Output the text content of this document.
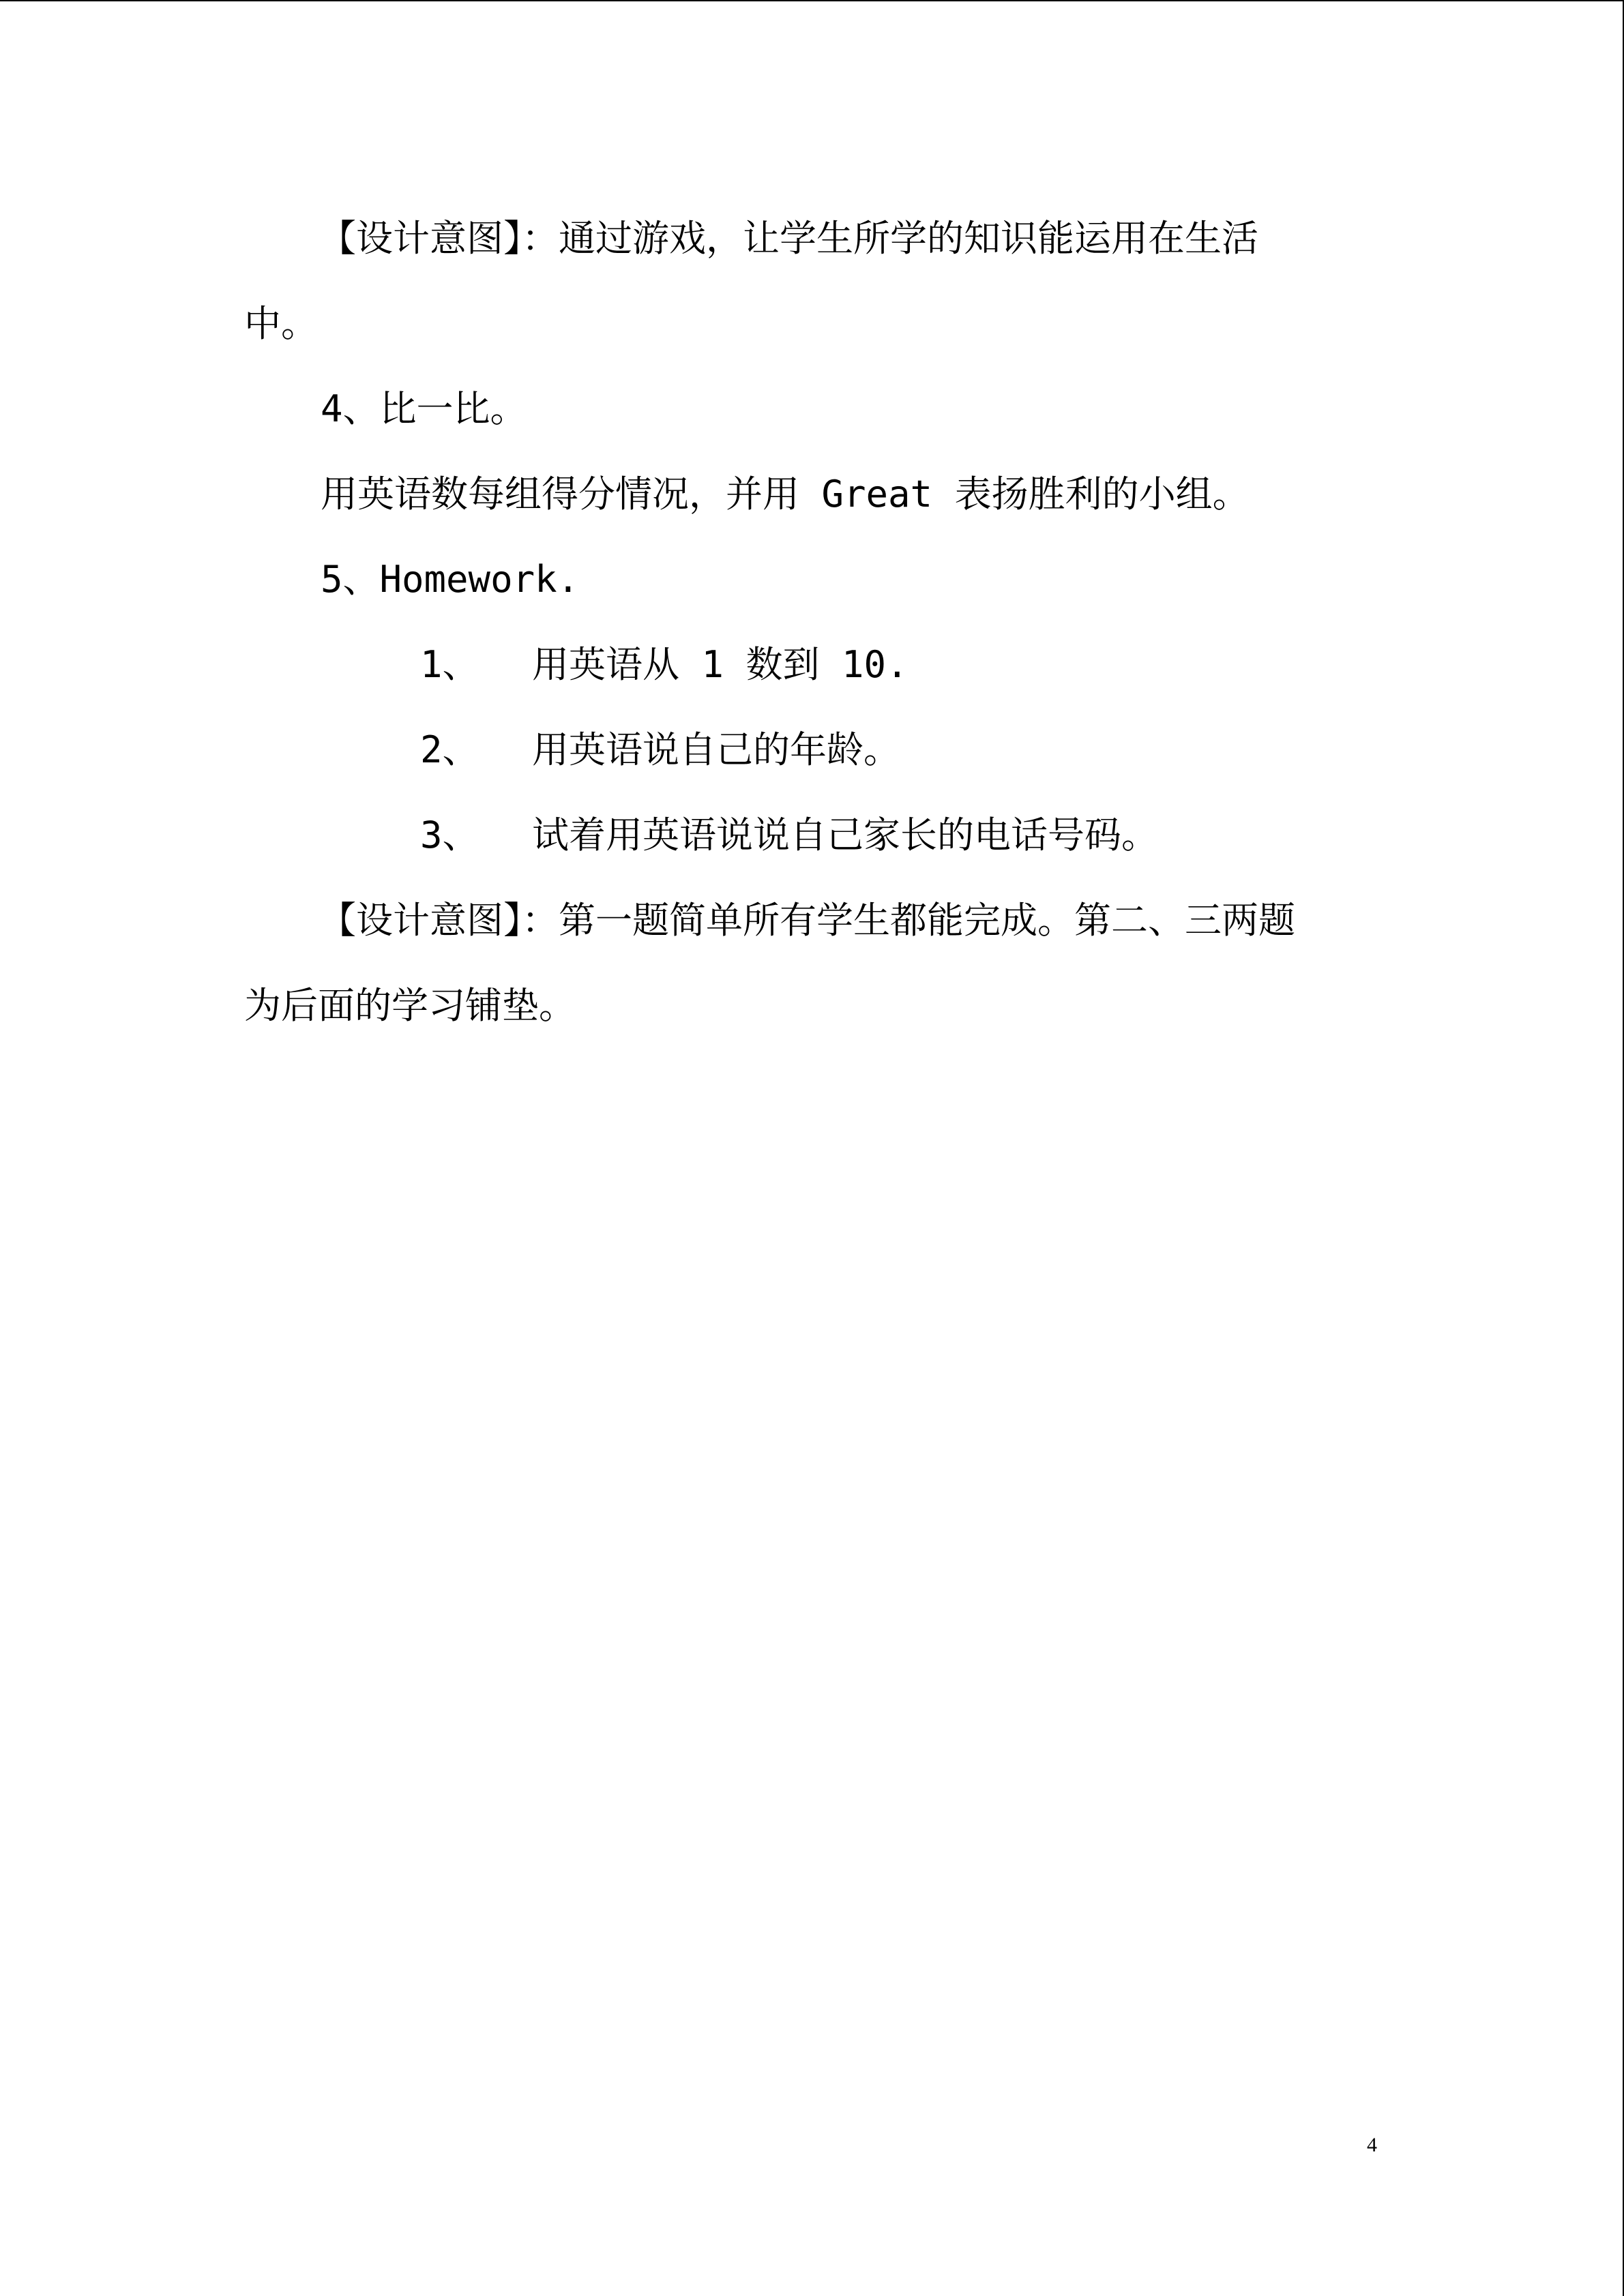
【设计意图】：通过游戏，让学生所学的知识能运用在生活
中。
4、比一比。
用英语数每组得分情况，并用 Great 表扬胜利的小组。
5、Homework.
1、 用英语从 1 数到 10.
2、 用英语说自己的年龄。
3、 试着用英语说说自己家长的电话号码。
【设计意图】：第一题简单所有学生都能完成。第二、三两题
为后面的学习铺垫。
4
